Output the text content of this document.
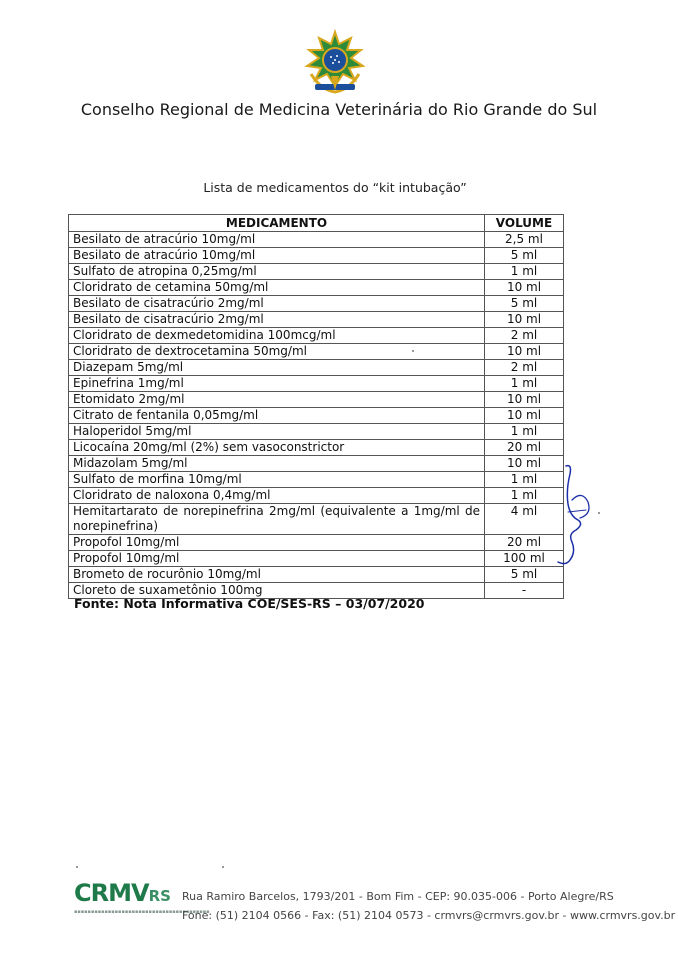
Conselho Regional de Medicina Veterinária do Rio Grande do Sul
Lista de medicamentos do “kit intubação”
MEDICAMENTO	VOLUME
Besilato de atracúrio 10mg/ml	2,5 ml
Besilato de atracúrio 10mg/ml	5 ml
Sulfato de atropina 0,25mg/ml	1 ml
Cloridrato de cetamina 50mg/ml	10 ml
Besilato de cisatracúrio 2mg/ml	5 ml
Besilato de cisatracúrio 2mg/ml	10 ml
Cloridrato de dexmedetomidina 100mcg/ml	2 ml
Cloridrato de dextrocetamina 50mg/ml	10 ml
Diazepam 5mg/ml	2 ml
Epinefrina 1mg/ml	1 ml
Etomidato 2mg/ml	10 ml
Citrato de fentanila 0,05mg/ml	10 ml
Haloperidol 5mg/ml	1 ml
Licocaína 20mg/ml (2%) sem vasoconstrictor	20 ml
Midazolam 5mg/ml	10 ml
Sulfato de morfina 10mg/ml	1 ml
Cloridrato de naloxona 0,4mg/ml	1 ml
Hemitartarato de norepinefrina 2mg/ml (equivalente a 1mg/ml de norepinefrina)	4 ml
Propofol 10mg/ml	20 ml
Propofol 10mg/ml	100 ml
Brometo de rocurônio 10mg/ml	5 ml
Cloreto de suxametônio 100mg	-
Fonte: Nota Informativa COE/SES-RS – 03/07/2020
CRMVRS
▪▪▪▪▪▪▪▪▪▪▪▪▪▪▪▪▪▪▪▪▪▪▪▪▪▪▪▪▪▪▪▪▪▪▪▪▪▪▪▪
Rua Ramiro Barcelos, 1793/201 - Bom Fim - CEP: 90.035-006 - Porto Alegre/RS
Fone: (51) 2104 0566 - Fax: (51) 2104 0573 - crmvrs@crmvrs.gov.br - www.crmvrs.gov.br
